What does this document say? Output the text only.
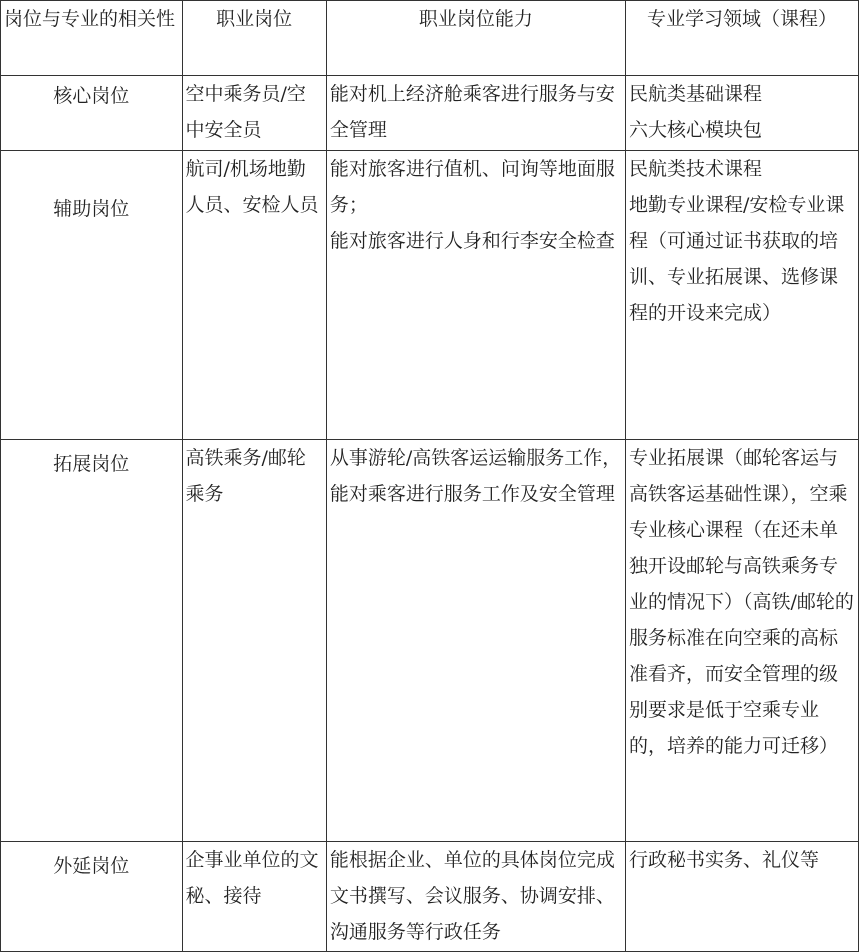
岗位与专业的相关性	职业岗位	职业岗位能力	专业学习领域（课程）
核心岗位	空中乘务员/空中安全员	能对机上经济舱乘客进行服务与安全管理	民航类基础课程
六大核心模块包

辅助岗位	航司/机场地勤人员、安检人员	能对旅客进行值机、问询等地面服务；
能对旅客进行人身和行李安全检查	民航类技术课程
地勤专业课程/安检专业课程（可通过证书获取的培训、专业拓展课、选修课程的开设来完成）

拓展岗位	高铁乘务/邮轮乘务	从事游轮/高铁客运运输服务工作，能对乘客进行服务工作及安全管理	专业拓展课（邮轮客运与高铁客运基础性课），空乘专业核心课程（在还未单独开设邮轮与高铁乘务专业的情况下）（高铁/邮轮的服务标准在向空乘的高标准看齐，而安全管理的级别要求是低于空乘专业的，培养的能力可迁移）

外延岗位	企事业单位的文秘、接待	能根据企业、单位的具体岗位完成文书撰写、会议服务、协调安排、沟通服务等行政任务	行政秘书实务、礼仪等
